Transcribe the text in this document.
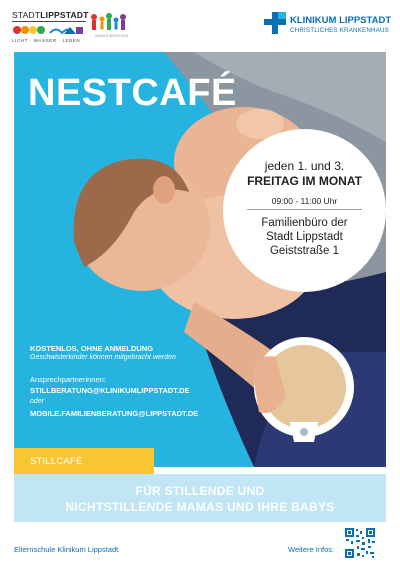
STADTLIPPSTADT
LICHT · WASSER · LEBEN
MOBILE BERATUNG
KLINIKUM LIPPSTADT
CHRISTLICHES KRANKENHAUS
NESTCAFÉ
jeden 1. und 3.
FREITAG IM MONAT
09:00 - 11:00 Uhr
Familienbüro der
Stadt Lippstadt
Geiststraße 1
KOSTENLOS, OHNE ANMELDUNG
Geschwisterkinder können mitgebracht werden
Ansprechpartnerinnen:
STILLBERATUNG@KLINIKUMLIPPSTADT.DE
oder
MOBILE.FAMILIENBERATUNG@LIPPSTADT.DE
STILLCAFÉ
FÜR STILLENDE UND
NICHTSTILLENDE MAMAS UND IHRE BABYS
Elternschule Klinikum Lippstadt	Weitere Infos:
